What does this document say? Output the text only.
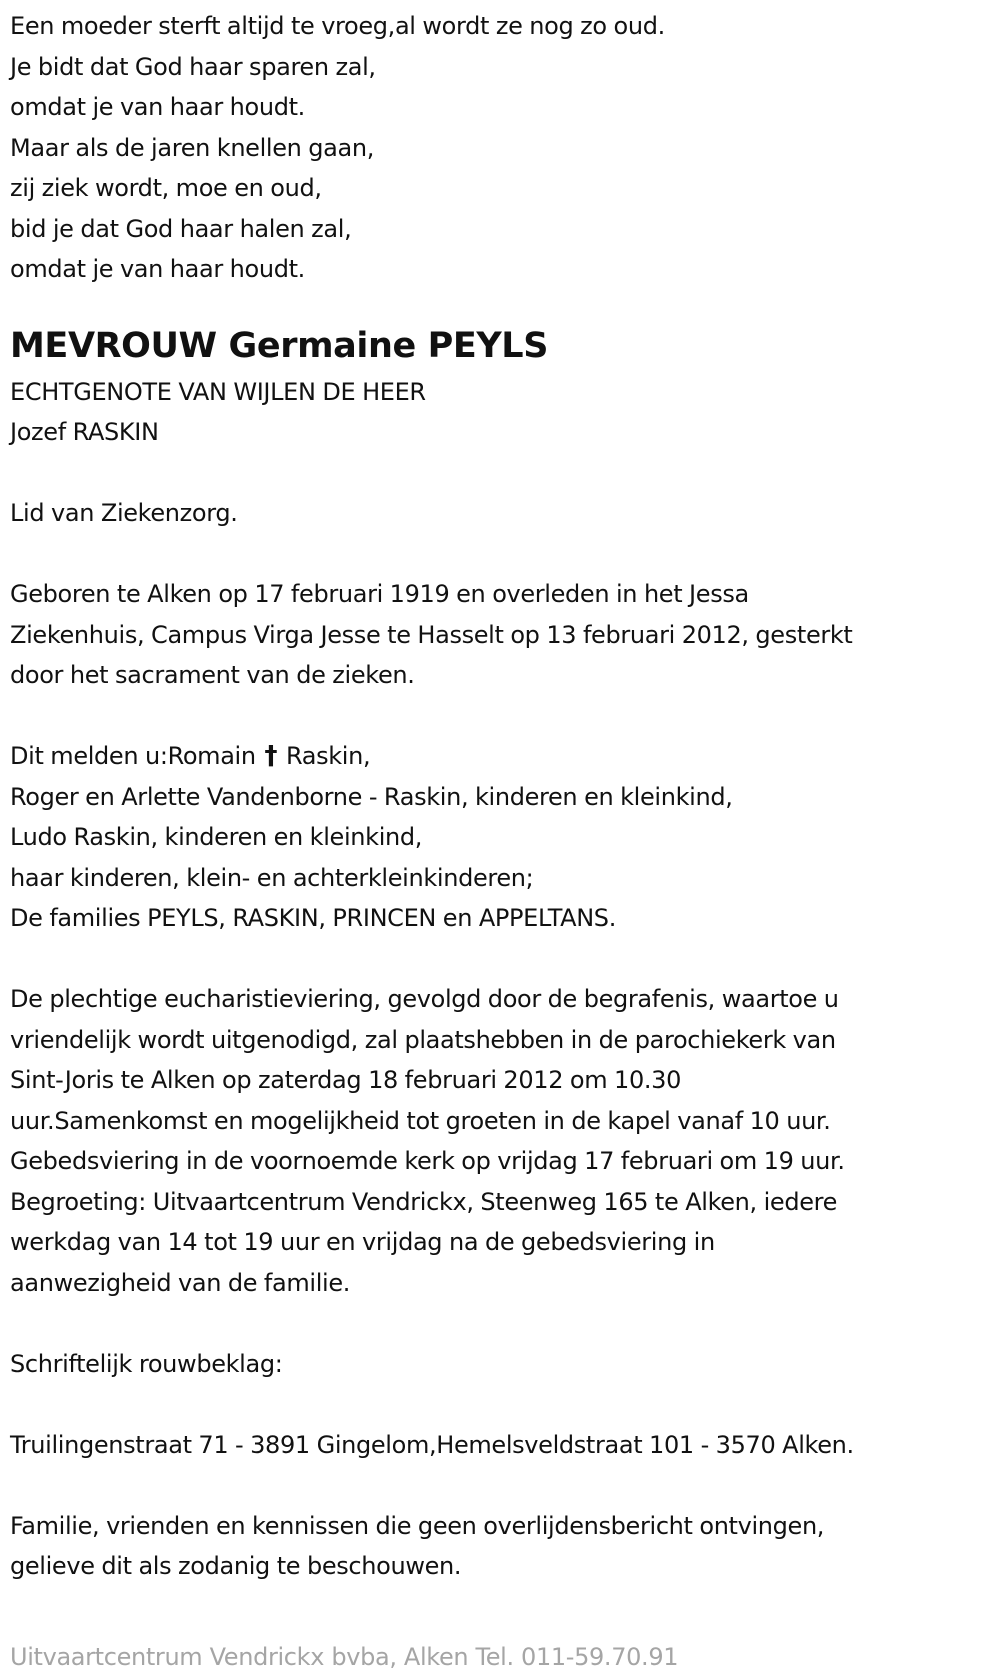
Een moeder sterft altijd te vroeg,al wordt ze nog zo oud.
Je bidt dat God haar sparen zal,
omdat je van haar houdt.
Maar als de jaren knellen gaan,
zij ziek wordt, moe en oud,
bid je dat God haar halen zal,
omdat je van haar houdt.
MEVROUW Germaine PEYLS
ECHTGENOTE VAN WIJLEN DE HEER
Jozef RASKIN
Lid van Ziekenzorg.
Geboren te Alken op 17 februari 1919 en overleden in het Jessa
Ziekenhuis, Campus Virga Jesse te Hasselt op 13 februari 2012, gesterkt
door het sacrament van de zieken.
Dit melden u:Romain † Raskin,
Roger en Arlette Vandenborne - Raskin, kinderen en kleinkind,
Ludo Raskin, kinderen en kleinkind,
haar kinderen, klein- en achterkleinkinderen;
De families PEYLS, RASKIN, PRINCEN en APPELTANS.
De plechtige eucharistieviering, gevolgd door de begrafenis, waartoe u
vriendelijk wordt uitgenodigd, zal plaatshebben in de parochiekerk van
Sint-Joris te Alken op zaterdag 18 februari 2012 om 10.30
uur.Samenkomst en mogelijkheid tot groeten in de kapel vanaf 10 uur.
Gebedsviering in de voornoemde kerk op vrijdag 17 februari om 19 uur.
Begroeting: Uitvaartcentrum Vendrickx, Steenweg 165 te Alken, iedere
werkdag van 14 tot 19 uur en vrijdag na de gebedsviering in
aanwezigheid van de familie.
Schriftelijk rouwbeklag:
Truilingenstraat 71 - 3891 Gingelom,Hemelsveldstraat 101 - 3570 Alken.
Familie, vrienden en kennissen die geen overlijdensbericht ontvingen,
gelieve dit als zodanig te beschouwen.
Uitvaartcentrum Vendrickx bvba, Alken Tel. 011-59.70.91
